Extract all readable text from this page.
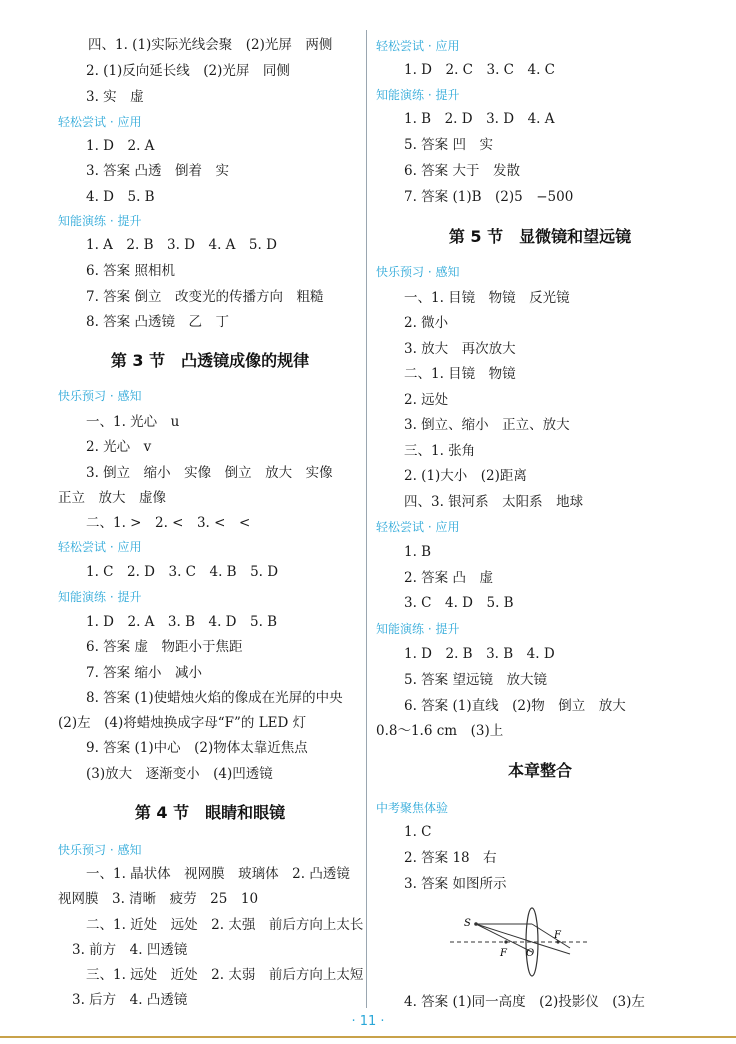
四、1. (1)实际光线会聚　(2)光屏　两侧
2. (1)反向延长线　(2)光屏　同侧
3. 实　虚
轻松尝试 · 应用
1. D　2. A
3. 答案 凸透　倒着　实
4. D　5. B
知能演练 · 提升
1. A　2. B　3. D　4. A　5. D
6. 答案 照相机
7. 答案 倒立　改变光的传播方向　粗糙
8. 答案 凸透镜　乙　丁
第 3 节　凸透镜成像的规律
快乐预习 · 感知
一、1. 光心　u
2. 光心　v
3. 倒立　缩小　实像　倒立　放大　实像
正立　放大　虚像
二、1. >　2. <　3. <　<
轻松尝试 · 应用
1. C　2. D　3. C　4. B　5. D
知能演练 · 提升
1. D　2. A　3. B　4. D　5. B
6. 答案 虚　物距小于焦距
7. 答案 缩小　减小
8. 答案 (1)使蜡烛火焰的像成在光屏的中央
(2)左　(4)将蜡烛换成字母“F”的 LED 灯
9. 答案 (1)中心　(2)物体太靠近焦点
(3)放大　逐渐变小　(4)凹透镜
第 4 节　眼睛和眼镜
快乐预习 · 感知
一、1. 晶状体　视网膜　玻璃体　2. 凸透镜
视网膜　3. 清晰　疲劳　25　10
二、1. 近处　远处　2. 太强　前后方向上太长
3. 前方　4. 凹透镜
三、1. 远处　近处　2. 太弱　前后方向上太短
3. 后方　4. 凸透镜
轻松尝试 · 应用
1. D　2. C　3. C　4. C
知能演练 · 提升
1. B　2. D　3. D　4. A
5. 答案 凹　实
6. 答案 大于　发散
7. 答案 (1)B　(2)5　−500
第 5 节　显微镜和望远镜
快乐预习 · 感知
一、1. 目镜　物镜　反光镜
2. 微小
3. 放大　再次放大
二、1. 目镜　物镜
2. 远处
3. 倒立、缩小　正立、放大
三、1. 张角
2. (1)大小　(2)距离
四、3. 银河系　太阳系　地球
轻松尝试 · 应用
1. B
2. 答案 凸　虚
3. C　4. D　5. B
知能演练 · 提升
1. D　2. B　3. B　4. D
5. 答案 望远镜　放大镜
6. 答案 (1)直线　(2)物　倒立　放大
0.8～1.6 cm　(3)上
本章整合
中考聚焦体验
1. C
2. 答案 18　右
3. 答案 如图所示
4. 答案 (1)同一高度　(2)投影仪　(3)左
S
F
F
O
· 11 ·
